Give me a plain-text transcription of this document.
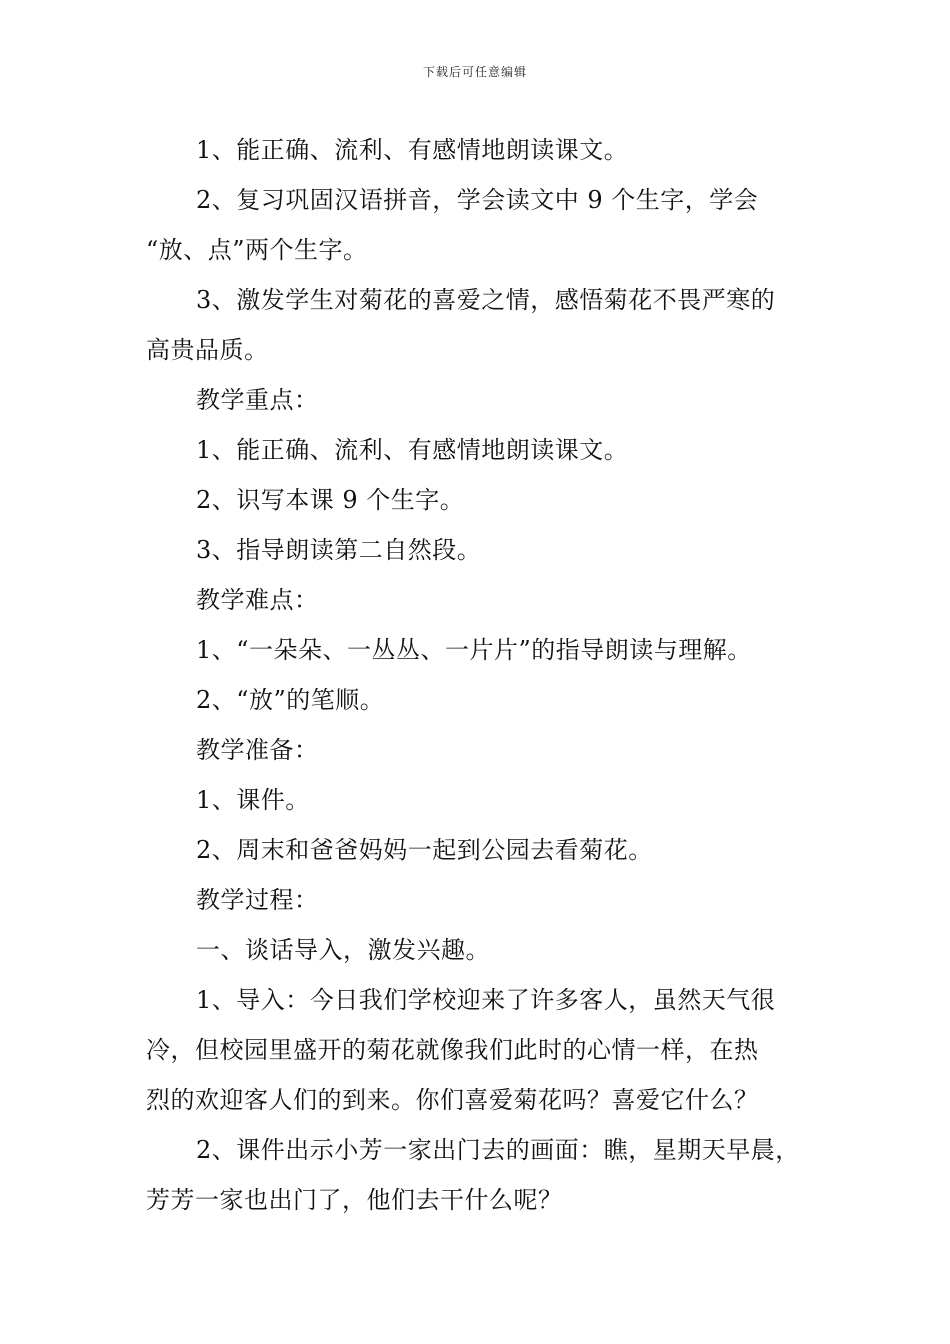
下载后可任意编辑
1、能正确、流利、有感情地朗读课文。
2、复习巩固汉语拼音，学会读文中 9 个生字，学会
“放、点”两个生字。
3、激发学生对菊花的喜爱之情，感悟菊花不畏严寒的
高贵品质。
教学重点：
1、能正确、流利、有感情地朗读课文。
2、识写本课 9 个生字。
3、指导朗读第二自然段。
教学难点：
1、“一朵朵、一丛丛、一片片”的指导朗读与理解。
2、“放”的笔顺。
教学准备：
1、课件。
2、周末和爸爸妈妈一起到公园去看菊花。
教学过程：
一、谈话导入，激发兴趣。
1、导入：今日我们学校迎来了许多客人，虽然天气很
冷，但校园里盛开的菊花就像我们此时的心情一样，在热
烈的欢迎客人们的到来。你们喜爱菊花吗？喜爱它什么？
2、课件出示小芳一家出门去的画面：瞧，星期天早晨，
芳芳一家也出门了，他们去干什么呢？
